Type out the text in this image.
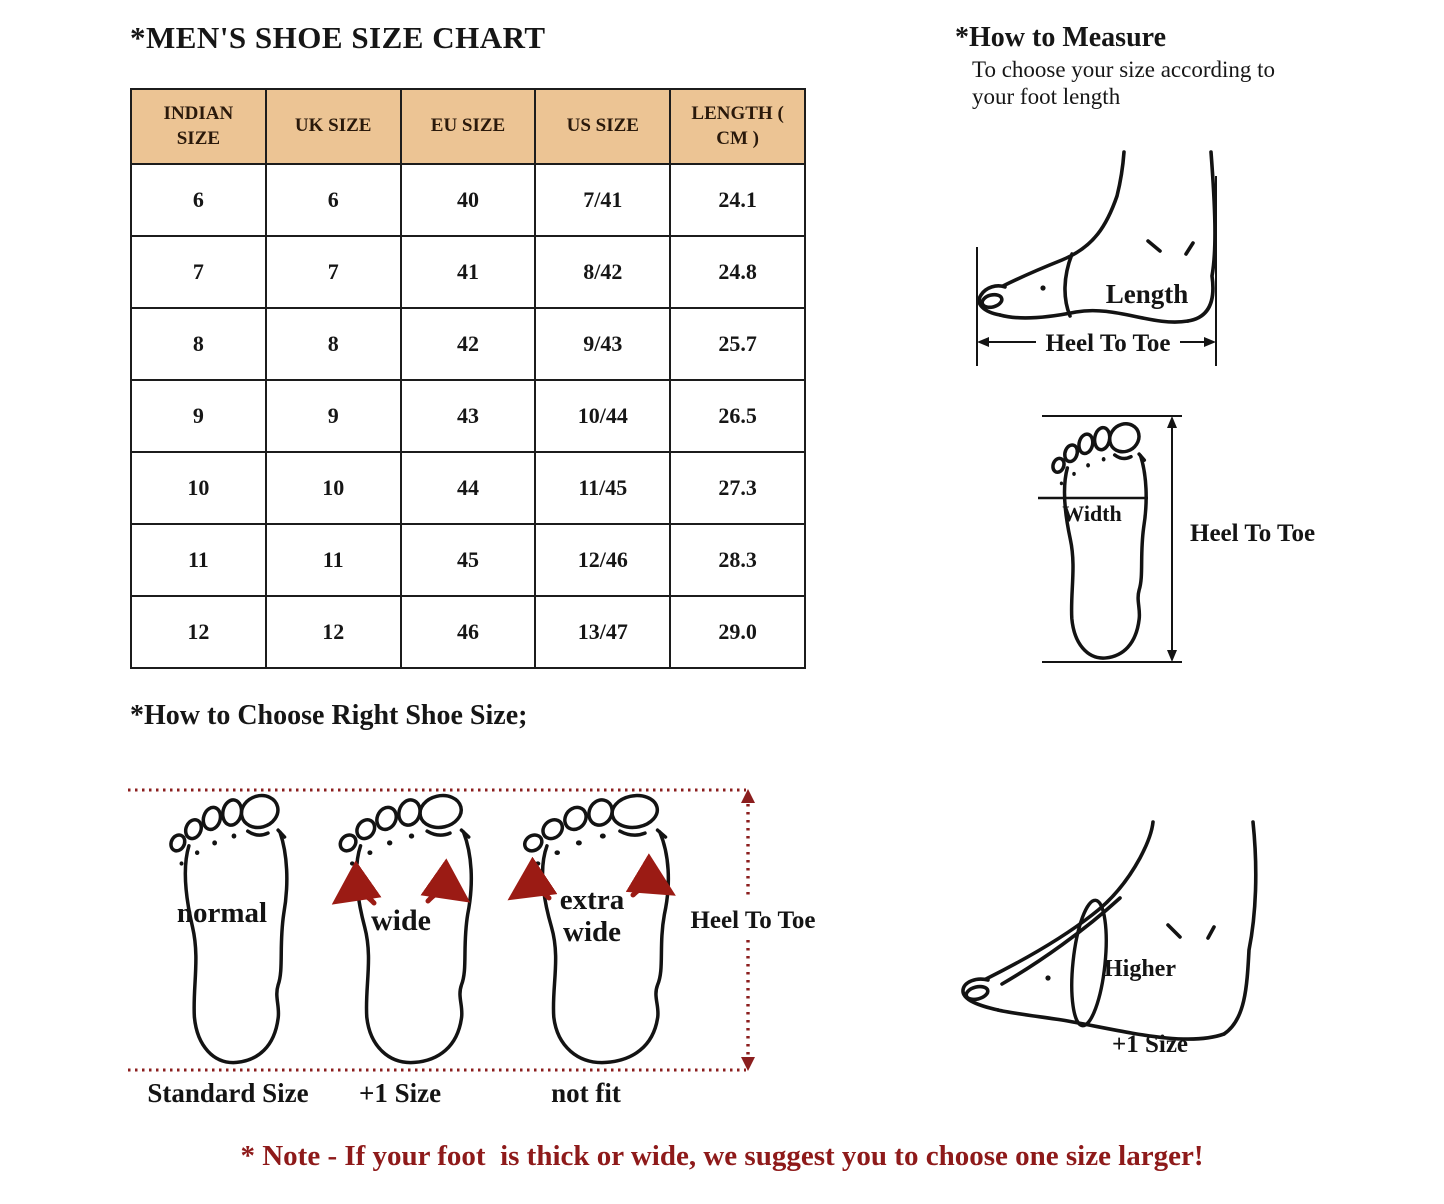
*MEN'S SHOE SIZE CHART
INDIAN SIZE	UK SIZE	EU SIZE	US SIZE	LENGTH ( CM )
6	6	40	7/41	24.1
7	7	41	8/42	24.8
8	8	42	9/43	25.7
9	9	43	10/44	26.5
10	10	44	11/45	27.3
11	11	45	12/46	28.3
12	12	46	13/47	29.0
*How to Measure
To choose your size according to
your foot length
Length
Heel To Toe
Width
Heel To Toe
*How to Choose Right Shoe Size;
normal	wide
extra
wide	Heel To Toe
Standard Size +1 Size	not fit
Higher
+1 Size
* Note - If your foot  is thick or wide, we suggest you to choose one size larger!
